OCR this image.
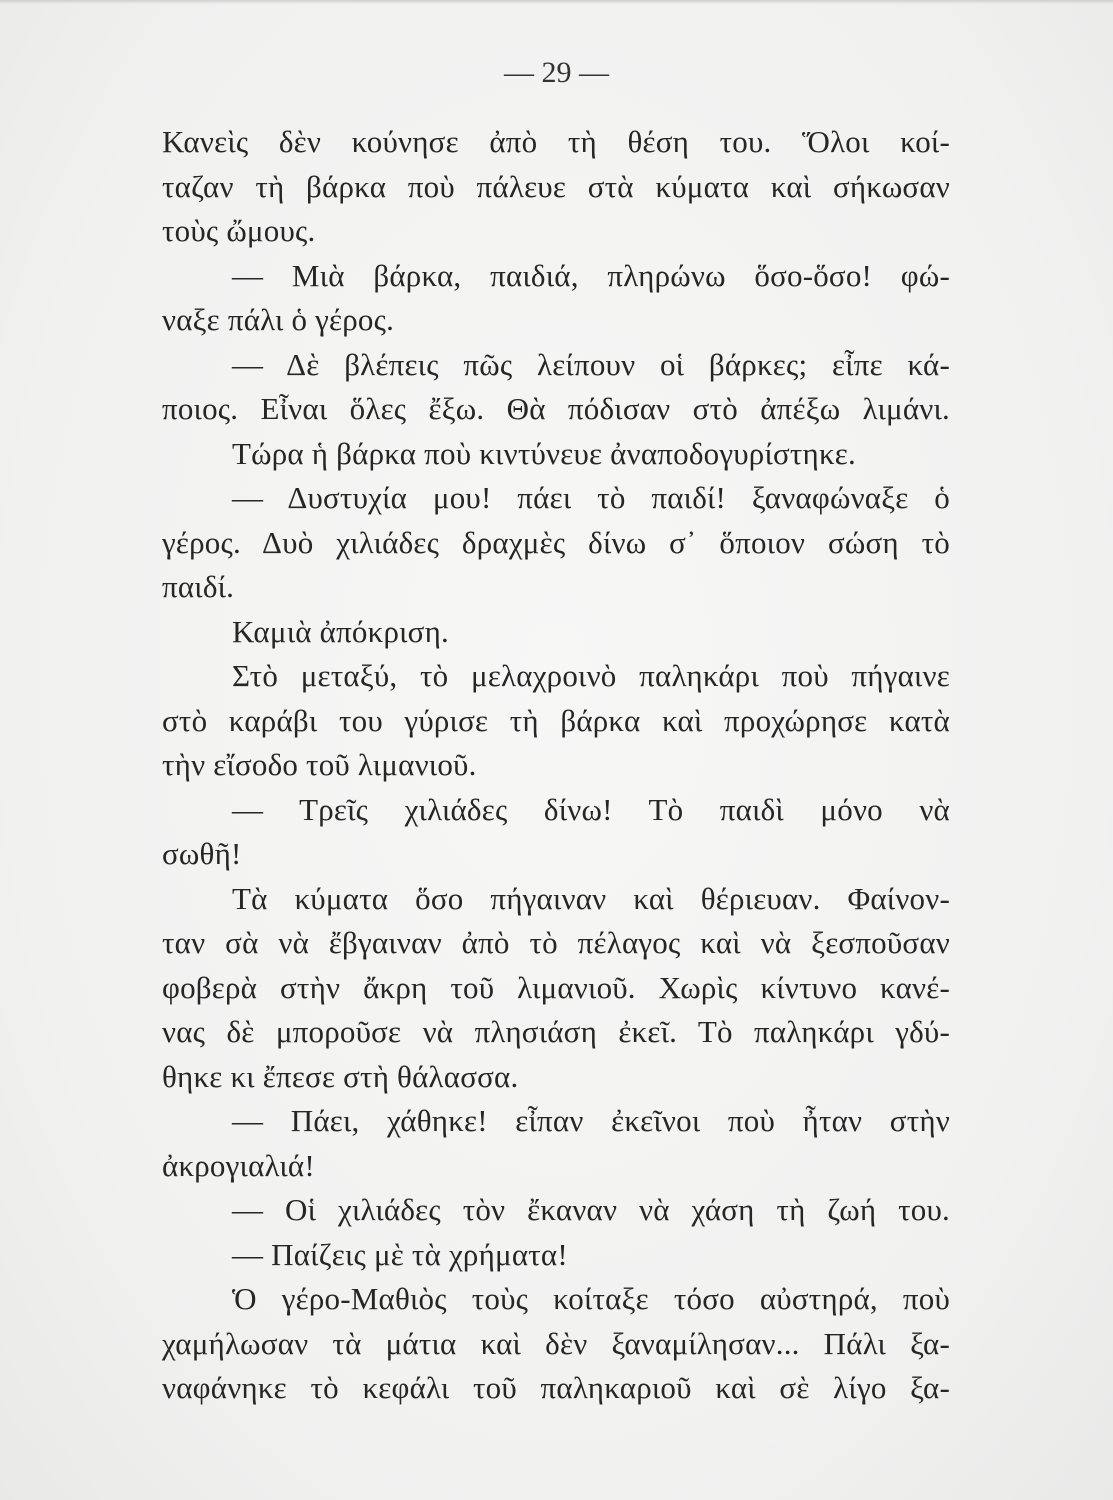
— 29 —
Κανεὶς δὲν κούνησε ἀπὸ τὴ θέση του. Ὅλοι κοί-
ταζαν τὴ βάρκα ποὺ πάλευε στὰ κύματα καὶ σήκωσαν
τοὺς ὤμους.
— Μιὰ βάρκα, παιδιά, πληρώνω ὅσο-ὅσο! φώ-
ναξε πάλι ὁ γέρος.
— Δὲ βλέπεις πῶς λείπουν οἱ βάρκες; εἶπε κά-
ποιος. Εἶναι ὅλες ἔξω. Θὰ πόδισαν στὸ ἀπέξω λιμάνι.
Τώρα ἡ βάρκα ποὺ κιντύνευε ἀναποδογυρίστηκε.
— Δυστυχία μου! πάει τὸ παιδί! ξαναφώναξε ὁ
γέρος. Δυὸ χιλιάδες δραχμὲς δίνω σ᾿ ὅποιον σώση τὸ
παιδί.
Καμιὰ ἀπόκριση.
Στὸ μεταξύ, τὸ μελαχροινὸ παληκάρι ποὺ πήγαινε
στὸ καράβι του γύρισε τὴ βάρκα καὶ προχώρησε κατὰ
τὴν εἴσοδο τοῦ λιμανιοῦ.
— Τρεῖς χιλιάδες δίνω! Τὸ παιδὶ μόνο νὰ
σωθῆ!
Τὰ κύματα ὅσο πήγαιναν καὶ θέριευαν. Φαίνον-
ταν σὰ νὰ ἔβγαιναν ἀπὸ τὸ πέλαγος καὶ νὰ ξεσποῦσαν
φοβερὰ στὴν ἄκρη τοῦ λιμανιοῦ. Χωρὶς κίντυνο κανέ-
νας δὲ μποροῦσε νὰ πλησιάση ἐκεῖ. Τὸ παληκάρι γδύ-
θηκε κι ἔπεσε στὴ θάλασσα.
— Πάει, χάθηκε! εἶπαν ἐκεῖνοι ποὺ ἦταν στὴν
ἀκρογιαλιά!
— Οἱ χιλιάδες τὸν ἔκαναν νὰ χάση τὴ ζωή του.
— Παίζεις μὲ τὰ χρήματα!
Ὁ γέρο-Μαθιὸς τοὺς κοίταξε τόσο αὐστηρά, ποὺ
χαμήλωσαν τὰ μάτια καὶ δὲν ξαναμίλησαν... Πάλι ξα-
ναφάνηκε τὸ κεφάλι τοῦ παληκαριοῦ καὶ σὲ λίγο ξα-
